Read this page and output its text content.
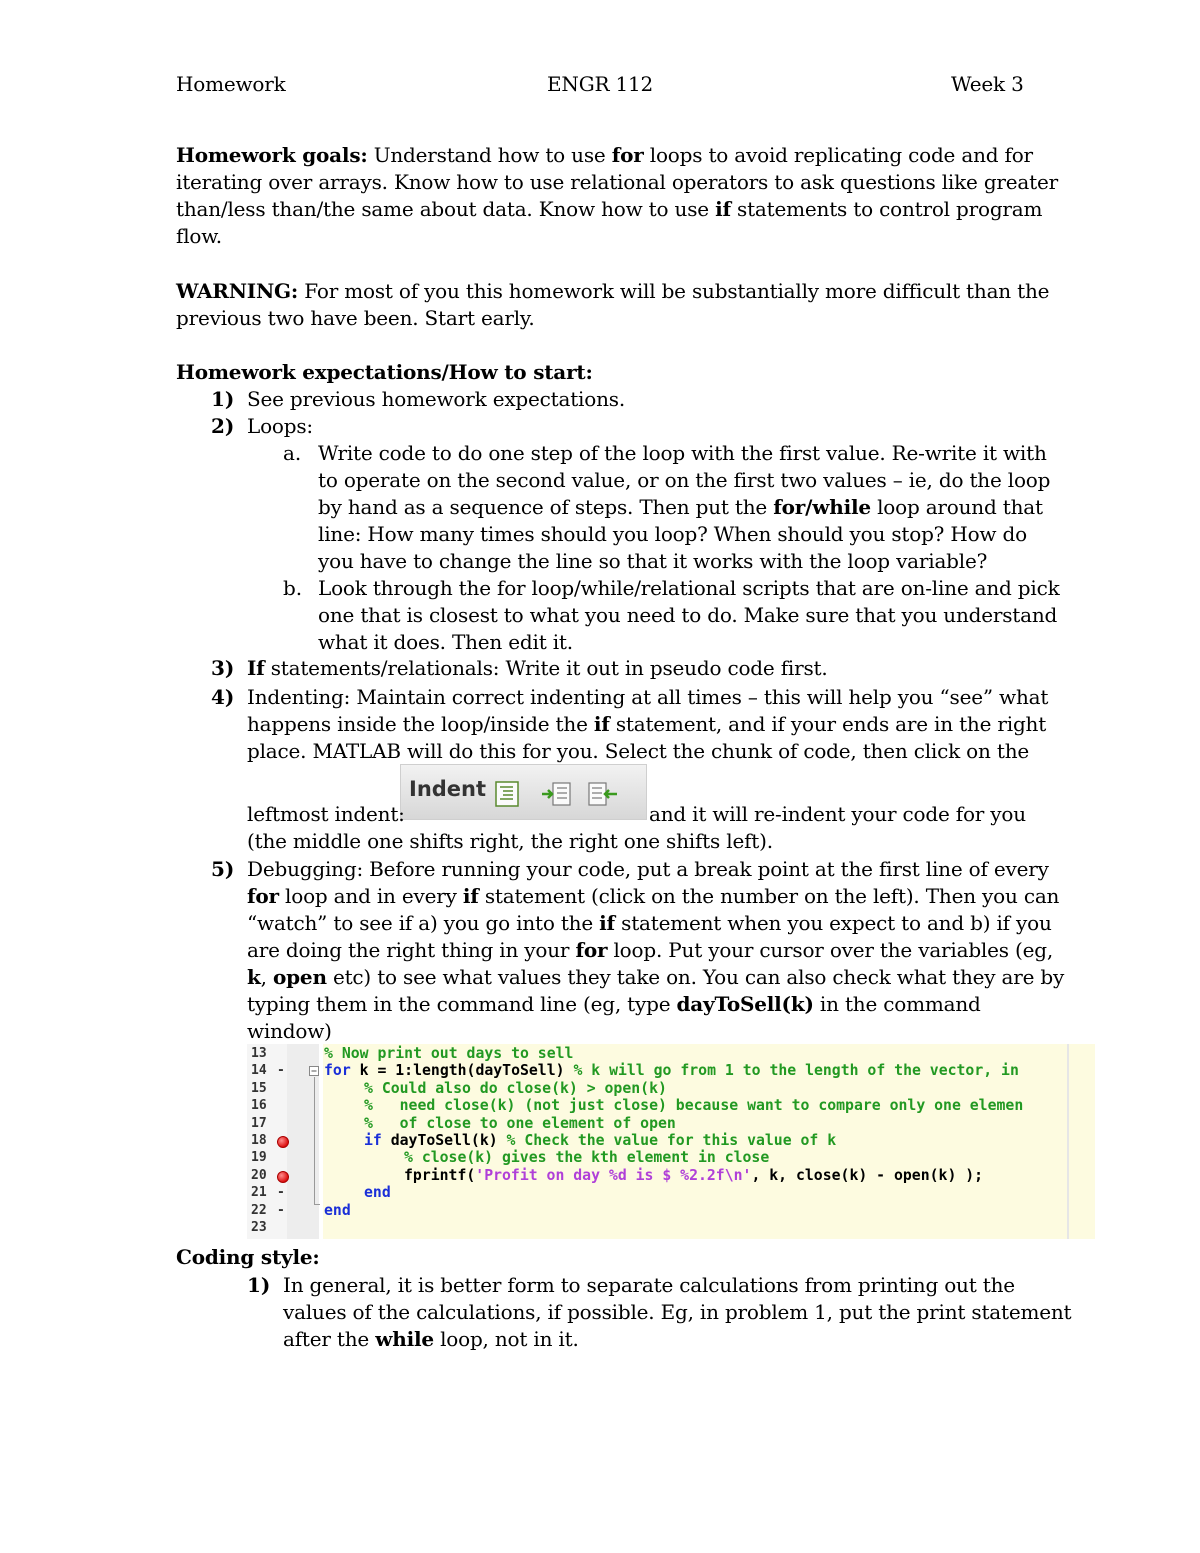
Homework	ENGR 112	Week 3
Homework goals: Understand how to use for loops to avoid replicating code and for
iterating over arrays. Know how to use relational operators to ask questions like greater
than/less than/the same about data. Know how to use if statements to control program
flow.
WARNING: For most of you this homework will be substantially more difficult than the
previous two have been. Start early.
Homework expectations/How to start:
1) See previous homework expectations.
2) Loops:
a. Write code to do one step of the loop with the first value. Re-write it with
to operate on the second value, or on the first two values – ie, do the loop
by hand as a sequence of steps. Then put the for/while loop around that
line: How many times should you loop? When should you stop? How do
you have to change the line so that it works with the loop variable?
b. Look through the for loop/while/relational scripts that are on-line and pick
one that is closest to what you need to do. Make sure that you understand
what it does. Then edit it.
3) If statements/relationals: Write it out in pseudo code first.
4) Indenting: Maintain correct indenting at all times – this will help you “see” what
happens inside the loop/inside the if statement, and if your ends are in the right
place. MATLAB will do this for you. Select the chunk of code, then click on the
Indent
leftmost indent:	and it will re-indent your code for you
(the middle one shifts right, the right one shifts left).
5) Debugging: Before running your code, put a break point at the first line of every
for loop and in every if statement (click on the number on the left). Then you can
“watch” to see if a) you go into the if statement when you expect to and b) if you
are doing the right thing in your for loop. Put your cursor over the variables (eg,
k, open etc) to see what values they take on. You can also check what they are by
typing them in the command line (eg, type dayToSell(k) in the command
window)
13
14
15
16
17
18
19
20
21
22
23
-
-
-
% Now print out days to sell
for k = 1:length(dayToSell) % k will go from 1 to the length of the vector, in
% Could also do close(k) > open(k)
%   need close(k) (not just close) because want to compare only one elemen
%   of close to one element of open
if dayToSell(k) % Check the value for this value of k
% close(k) gives the kth element in close
fprintf('Profit on day %d is $ %2.2f\n', k, close(k) - open(k) );
end
end
Coding style:
1) In general, it is better form to separate calculations from printing out the
values of the calculations, if possible. Eg, in problem 1, put the print statement
after the while loop, not in it.
